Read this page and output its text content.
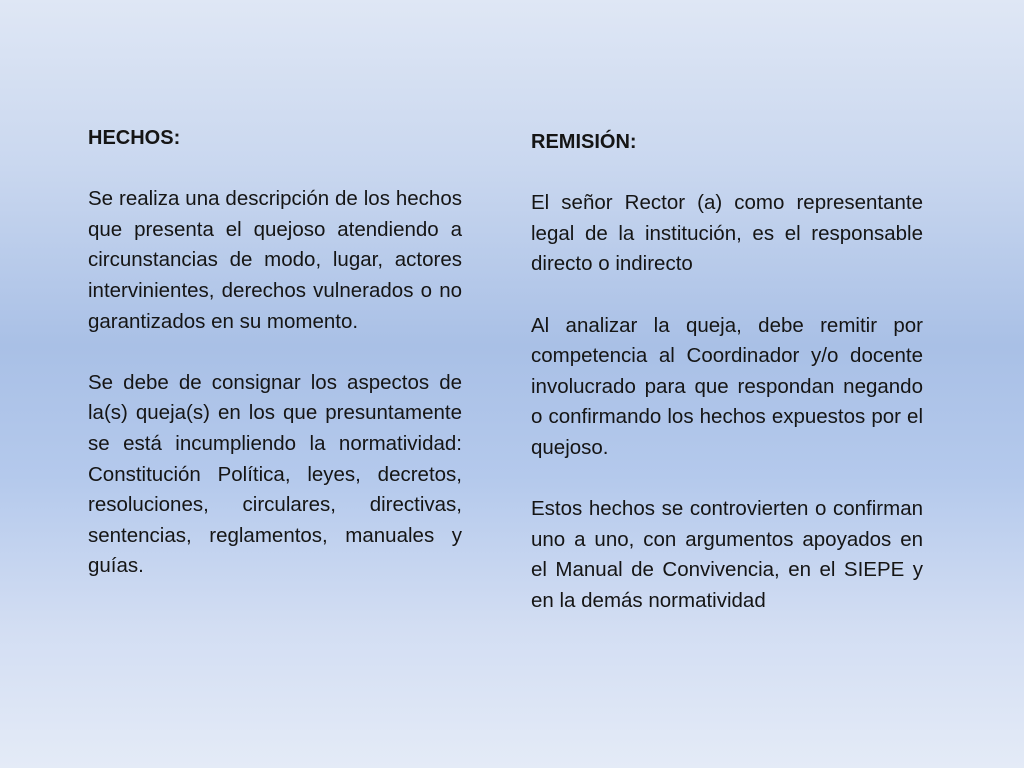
HECHOS:

Se realiza una descripción de los hechos que presenta el quejoso atendiendo a circunstancias de modo, lugar, actores intervinientes, derechos vulnerados o no garantizados en su momento.

Se debe de consignar los aspectos de la(s) queja(s) en los que presuntamente se está incumpliendo la normatividad: Constitución Política, leyes, decretos, resoluciones, circulares, directivas, sentencias, reglamentos, manuales y guías.

REMISIÓN:

El señor Rector (a) como representante legal de la institución, es el responsable directo o indirecto

Al analizar la queja, debe remitir por competencia al Coordinador y/o docente involucrado para que respondan negando o confirmando los hechos expuestos por el quejoso.

Estos hechos se controvierten o confirman uno a uno, con argumentos apoyados en el Manual de Convivencia, en el SIEPE y en la demás normatividad
